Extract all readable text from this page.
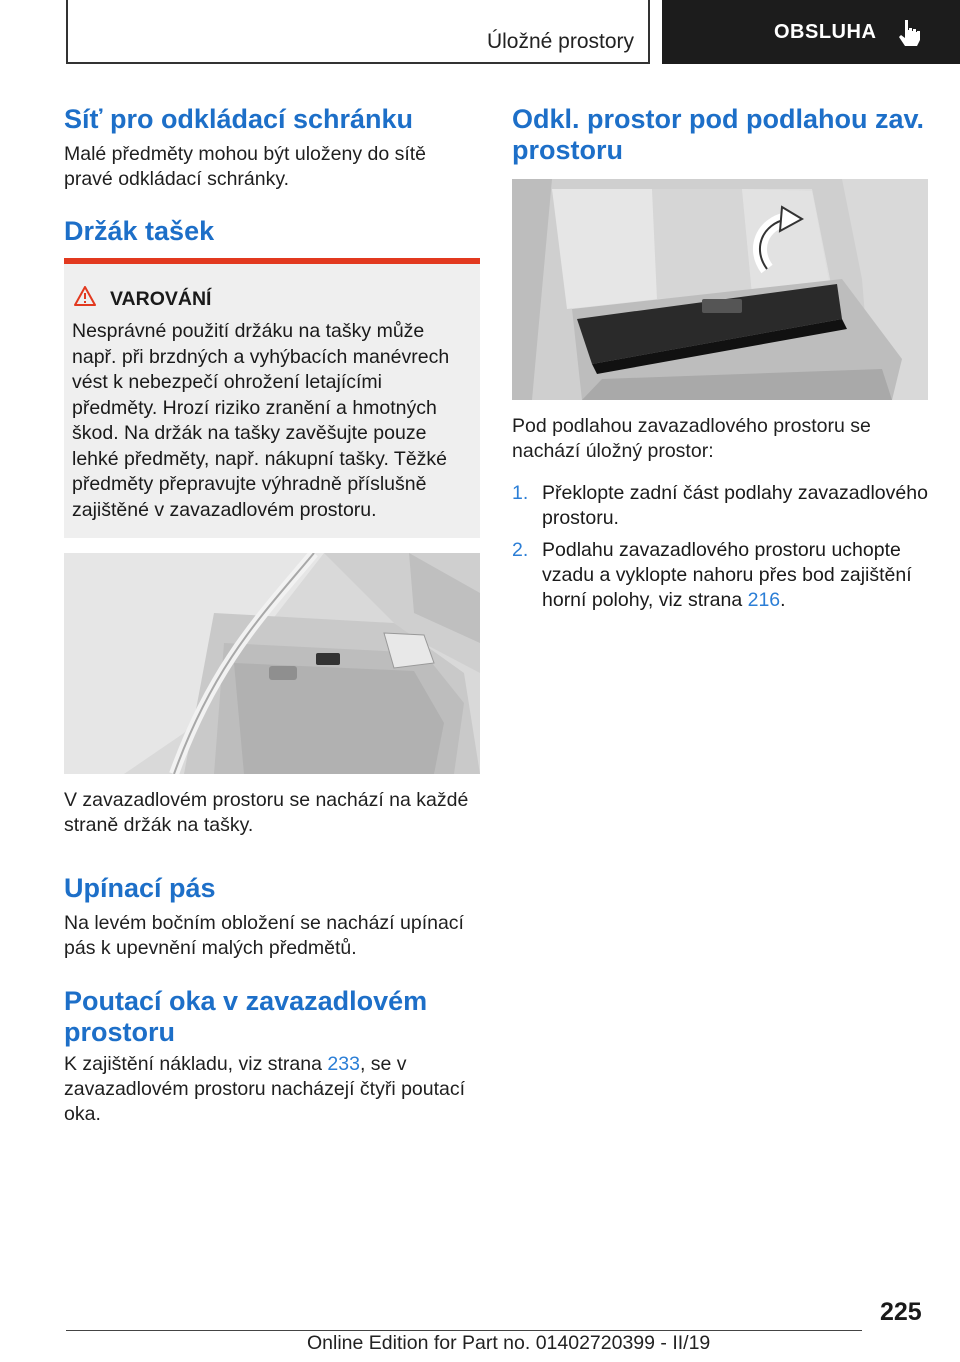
Úložné prostory	OBSLUHA
Síť pro odkládací schránku

Malé předměty mohou být uloženy do sítě pravé odkládací schránky.

Držák tašek
VAROVÁNÍ
Nesprávné použití držáku na tašky může např. při brzdných a vyhýbacích manévrech vést k nebezpečí ohrožení letajícími předměty. Hrozí riziko zranění a hmotných škod. Na držák na tašky zavěšujte pouze lehké předměty, např. nákupní tašky. Těžké předměty přepravujte výhradně příslušně zajištěné v zavazadlovém prostoru.

V zavazadlovém prostoru se nachází na každé straně držák na tašky.

Upínací pás

Na levém bočním obložení se nachází upínací pás k upevnění malých předmětů.

Poutací oka v zavazadlovém prostoru

K zajištění nákladu, viz strana 233, se v zavazadlovém prostoru nacházejí čtyři poutací oka.

Odkl. prostor pod podlahou zav. prostoru

Pod podlahou zavazadlového prostoru se nachází úložný prostor:

1. Překlopte zadní část podlahy zavazadlového prostoru.
2. Podlahu zavazadlového prostoru uchopte vzadu a vyklopte nahoru přes bod zajištění horní polohy, viz strana 216.
225
Online Edition for Part no. 01402720399 - II/19
